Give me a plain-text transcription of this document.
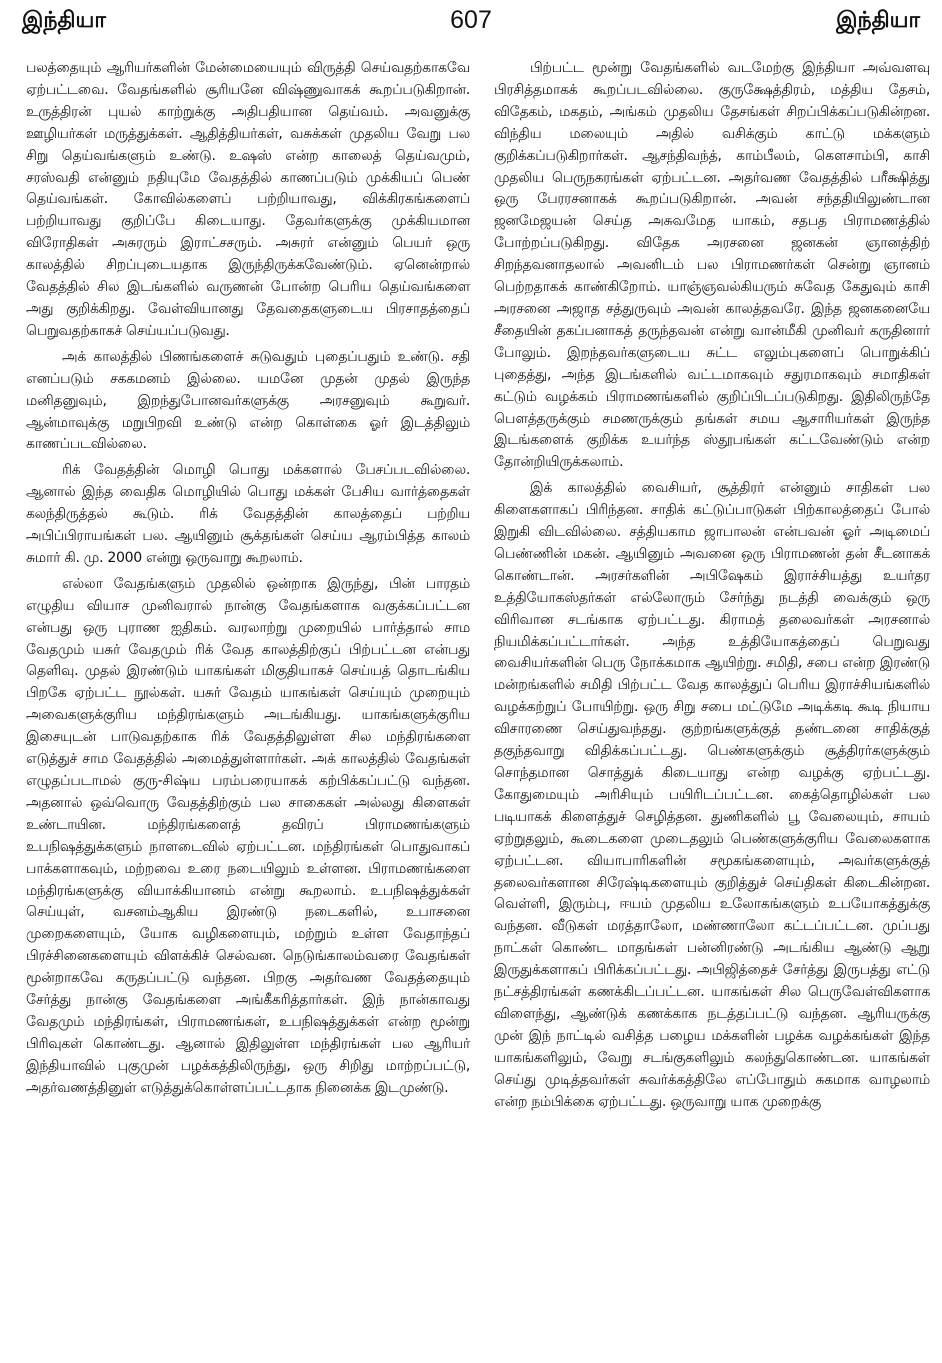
இந்தியா	607	இந்தியா

பலத்தையும் ஆரியர்களின் மேன்மையையும் விருத்தி செய்வதற்காகவே ஏற்பட்டவை. வேதங்களில் சூரியனே விஷ்ணுவாகக் கூறப்படுகிறான். உருத்திரன் புயல் காற்றுக்கு அதிபதியான தெய்வம். அவனுக்கு ஊழியர்கள் மருத்துக்கள். ஆதித்தியர்கள், வசுக்கள் முதலிய வேறு பல சிறு தெய்வங்களும் உண்டு. உஷஸ் என்ற காலைத் தெய்வமும், சரஸ்வதி என்னும் நதியுமே வேதத்தில் காணப்படும் முக்கியப் பெண் தெய்வங்கள். கோவில்களைப் பற்றியாவது, விக்கிரகங்களைப் பற்றியாவது குறிப்பே கிடையாது. தேவர்களுக்கு முக்கியமான விரோதிகள் அசுரரும் இராட்சசரும். அசுரர் என்னும் பெயர் ஒரு காலத்தில் சிறப்புடையதாக இருந்திருக்கவேண்டும். ஏனென்றால் வேதத்தில் சில இடங்களில் வருணன் போன்ற பெரிய தெய்வங்களை அது குறிக்கிறது. வேள்வியானது தேவதைகளுடைய பிரசாதத்தைப் பெறுவதற்காகச் செய்யப்படுவது.

அக் காலத்தில் பிணங்களைச் சுடுவதும் புதைப்பதும் உண்டு. சதி எனப்படும் சககமனம் இல்லை. யமனே முதன் முதல் இருந்த மனிதனுவும், இறந்துபோனவர்களுக்கு அரசனுவும் கூறுவர். ஆன்மாவுக்கு மறுபிறவி உண்டு என்ற கொள்கை ஓர் இடத்திலும் காணப்படவில்லை.

ரிக் வேதத்தின் மொழி பொது மக்களால் பேசப்படவில்லை. ஆனால் இந்த வைதிக மொழியில் பொது மக்கள் பேசிய வார்த்தைகள் கலந்திருத்தல் கூடும். ரிக் வேதத்தின் காலத்தைப் பற்றிய அபிப்பிராயங்கள் பல. ஆயினும் சூக்தங்கள் செய்ய ஆரம்பித்த காலம் சுமார் கி. மு. 2000 என்று ஒருவாறு கூறலாம்.

எல்லா வேதங்களும் முதலில் ஒன்றாக இருந்து, பின் பாரதம் எழுதிய வியாச முனிவரால் நான்கு வேதங்களாக வகுக்கப்பட்டன என்பது ஒரு புராண ஐதிகம். வரலாற்று முறையில் பார்த்தால் சாம வேதமும் யசுர் வேதமும் ரிக் வேத காலத்திற்குப் பிற்பட்டன என்பது தெளிவு. முதல் இரண்டும் யாகங்கள் மிகுதியாகச் செய்யத் தொடங்கிய பிறகே ஏற்பட்ட நூல்கள். யசுர் வேதம் யாகங்கள் செய்யும் முறையும் அவைகளுக்குரிய மந்திரங்களும் அடங்கியது. யாகங்களுக்குரிய இசையுடன் பாடுவதற்காக ரிக் வேதத்திலுள்ள சில மந்திரங்களை எடுத்துச் சாம வேதத்தில் அமைத்துள்ளார்கள். அக் காலத்தில் வேதங்கள் எழுதப்படாமல் குரு-சிஷ்ய பரம்பரையாகக் கற்பிக்கப்பட்டு வந்தன. அதனால் ஒவ்வொரு வேதத்திற்கும் பல சாகைகள் அல்லது கிளைகள் உண்டாயின. மந்திரங்களைத் தவிரப் பிராமணங்களும் உபநிஷத்துக்களும் நாளடைவில் ஏற்பட்டன. மந்திரங்கள் பொதுவாகப் பாக்களாகவும், மற்றவை உரை நடையிலும் உள்ளன. பிராமணங்களை மந்திரங்களுக்கு வியாக்கியானம் என்று கூறலாம். உபநிஷத்துக்கள் செய்யுள், வசனம்ஆகிய இரண்டு நடைகளில், உபாசனை முறைகளையும், யோக வழிகளையும், மற்றும் உள்ள வேதாந்தப் பிரச்சினைகளையும் விளக்கிச் செல்வன. நெடுங்காலம்வரை வேதங்கள் மூன்றாகவே கருதப்பட்டு வந்தன. பிறகு அதர்வண வேதத்தையும் சேர்த்து நான்கு வேதங்களை அங்கீகரித்தார்கள். இந் நான்காவது வேதமும் மந்திரங்கள், பிராமணங்கள், உபநிஷத்துக்கள் என்ற மூன்று பிரிவுகள் கொண்டது. ஆனால் இதிலுள்ள மந்திரங்கள் பல ஆரியர் இந்தியாவில் புகுமுன் பழக்கத்திலிருந்து, ஒரு சிறிது மாற்றப்பட்டு, அதர்வணத்தினுள் எடுத்துக்கொள்ளப்பட்டதாக நினைக்க இடமுண்டு.

பிற்பட்ட மூன்று வேதங்களில் வடமேற்கு இந்தியா அவ்வளவு பிரசித்தமாகக் கூறப்படவில்லை. குருக்ஷேத்திரம், மத்திய தேசம், விதேகம், மகதம், அங்கம் முதலிய தேசங்கள் சிறப்பிக்கப்படுகின்றன. விந்திய மலையும் அதில் வசிக்கும் காட்டு மக்களும் குறிக்கப்படுகிறார்கள். ஆசந்திவந்த், காம்பீலம், கௌசாம்பி, காசி முதலிய பெருநகரங்கள் ஏற்பட்டன. அதர்வண வேதத்தில் பரீக்ஷித்து ஒரு பேரரசனாகக் கூறப்படுகிறான். அவன் சந்ததியிலுண்டான ஜனமேஜயன் செய்த அசுவமேத யாகம், சதபத பிராமணத்தில் போற்றப்படுகிறது. விதேக அரசனை ஜனகன் ஞானத்திற் சிறந்தவனாதலால் அவனிடம் பல பிராமணர்கள் சென்று ஞானம் பெற்றதாகக் காண்கிறோம். யாஞ்ஞவல்கியரும் சுவேத கேதுவும் காசி அரசனை அஜாத சத்துருவும் அவன் காலத்தவரே. இந்த ஜனகனையே சீதையின் தகப்பனாகத் தருந்தவன் என்று வான்மீகி முனிவர் கருதினார் போலும். இறந்தவர்களுடைய சுட்ட எலும்புகளைப் பொறுக்கிப் புதைத்து, அந்த இடங்களில் வட்டமாகவும் சதுரமாகவும் சமாதிகள் கட்டும் வழக்கம் பிராமணங்களில் குறிப்பிடப்படுகிறது. இதிலிருந்தே பௌத்தருக்கும் சமணருக்கும் தங்கள் சமய ஆசாரியர்கள் இருந்த இடங்களைக் குறிக்க உயர்ந்த ஸ்தூபங்கள் கட்டவேண்டும் என்ற தோன்றியிருக்கலாம்.

இக் காலத்தில் வைசியர், சூத்திரர் என்னும் சாதிகள் பல கிளைகளாகப் பிரிந்தன. சாதிக் கட்டுப்பாடுகள் பிற்காலத்தைப் போல் இறுகி விடவில்லை. சத்தியகாம ஜாபாலன் என்பவன் ஓர் அடிமைப் பெண்ணின் மகன். ஆயினும் அவனை ஒரு பிராமணன் தன் சீடனாகக் கொண்டான். அரசர்களின் அபிஷேகம் இராச்சியத்து உயர்தர உத்தியோகஸ்தர்கள் எல்லோரும் சேர்ந்து நடத்தி வைக்கும் ஒரு விரிவான சடங்காக ஏற்பட்டது. கிராமத் தலைவர்கள் அரசனால் நியமிக்கப்பட்டார்கள். அந்த உத்தியோகத்தைப் பெறுவது வைசியர்களின் பெரு நோக்கமாக ஆயிற்று. சமிதி, சபை என்ற இரண்டு மன்றங்களில் சமிதி பிற்பட்ட வேத காலத்துப் பெரிய இராச்சியங்களில் வழக்கற்றுப் போயிற்று. ஒரு சிறு சபை மட்டுமே அடிக்கடி கூடி நியாய விசாரணை செய்துவந்தது. குற்றங்களுக்குத் தண்டனை சாதிக்குத் தகுந்தவாறு விதிக்கப்பட்டது. பெண்களுக்கும் சூத்திரர்களுக்கும் சொந்தமான சொத்துக் கிடையாது என்ற வழக்கு ஏற்பட்டது. கோதுமையும் அரிசியும் பயிரிடப்பட்டன. கைத்தொழில்கள் பல படியாகக் கிளைத்துச் செழித்தன. துணிகளில் பூ வேலையும், சாயம் ஏற்றுதலும், கூடைகளை முடைதலும் பெண்களுக்குரிய வேலைகளாக ஏற்பட்டன. வியாபாரிகளின் சமூகங்களையும், அவர்களுக்குத் தலைவர்களான சிரேஷ்டிகளையும் குறித்துச் செய்திகள் கிடைகின்றன. வெள்ளி, இரும்பு, ஈயம் முதலிய உலோகங்களும் உபயோகத்துக்கு வந்தன. வீடுகள் மரத்தாலோ, மண்ணாலோ கட்டப்பட்டன. முப்பது நாட்கள் கொண்ட மாதங்கள் பன்னிரண்டு அடங்கிய ஆண்டு ஆறு இருதுக்களாகப் பிரிக்கப்பட்டது. அபிஜித்தைச் சேர்த்து இருபத்து எட்டு நட்சத்திரங்கள் கணக்கிடப்பட்டன. யாகங்கள் சில பெருவேள்விகளாக விளைந்து, ஆண்டுக் கணக்காக நடத்தப்பட்டு வந்தன. ஆரியருக்கு முன் இந் நாட்டில் வசித்த பழைய மக்களின் பழக்க வழக்கங்கள் இந்த யாகங்களிலும், வேறு சடங்குகளிலும் கலந்துகொண்டன. யாகங்கள் செய்து முடித்தவர்கள் சுவர்க்கத்திலே எப்போதும் சுகமாக வாழலாம் என்ற நம்பிக்கை ஏற்பட்டது. ஒருவாறு யாக முறைக்கு
